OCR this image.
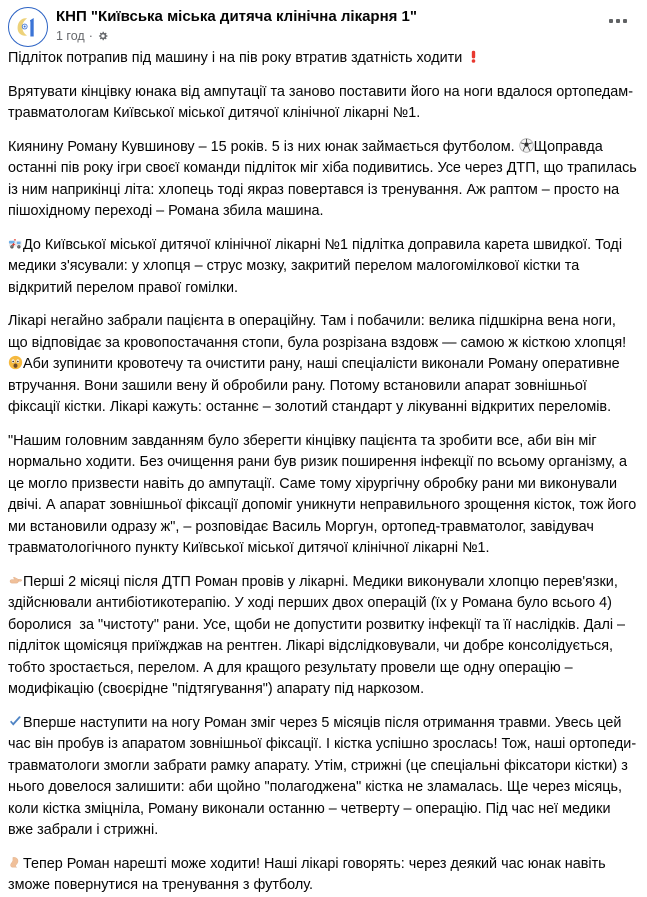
КНП "Київська міська дитяча клінічна лікарня 1"
1 год ·

Підліток потрапив під машину і на пів року втратив здатність ходити

Врятувати кінцівку юнака від ампутації та заново поставити його на ноги вдалося ортопедам-травматологам Київської міської дитячої клінічної лікарні №1.

Киянину Роману Кувшинову – 15 років. 5 із них юнак займається футболом.
Щоправда останні пів року ігри своєї команди підліток міг хіба подивитись. Усе через ДТП, що трапилась із ним наприкінці літа: хлопець тоді якраз повертався із тренування. Аж раптом – просто на пішохідному переході – Романа збила машина.

До Київської міської дитячої клінічної лікарні №1 підлітка доправила карета швидкої. Тоді медики з'ясували: у хлопця – струс мозку, закритий перелом малогомілкової кістки та відкритий перелом правої гомілки.

Лікарі негайно забрали пацієнта в операційну. Там і побачили: велика підшкірна вена ноги, що відповідає за кровопостачання стопи, була розрізана вздовж — самою ж кісткою хлопця!
Аби зупинити кровотечу та очистити рану, наші спеціалісти виконали Роману оперативне втручання. Вони зашили вену й обробили рану. Потому встановили апарат зовнішньої фіксації кістки. Лікарі кажуть: останнє – золотий стандарт у лікуванні відкритих переломів.

"Нашим головним завданням було зберегти кінцівку пацієнта та зробити все, аби він міг нормально ходити. Без очищення рани був ризик поширення інфекції по всьому організму, а це могло призвести навіть до ампутації. Саме тому хірургічну обробку рани ми виконували двічі. А апарат зовнішньої фіксації допоміг уникнути неправильного зрощення кісток, тож його ми встановили одразу ж", – розповідає Василь Моргун, ортопед-травматолог, завідувач травматологічного пункту Київської міської дитячої клінічної лікарні №1.

Перші 2 місяці після ДТП Роман провів у лікарні. Медики виконували хлопцю перев'язки, здійснювали антибіотикотерапію. У ході перших двох операцій (їх у Романа було всього 4) боролися  за "чистоту" рани. Усе, щоби не допустити розвитку інфекції та її наслідків. Далі – підліток щомісяця приїжджав на рентген. Лікарі відслідковували, чи добре консолідується, тобто зростається, перелом. А для кращого результату провели ще одну операцію – модифікацію (своєрідне "підтягування") апарату під наркозом.

Вперше наступити на ногу Роман зміг через 5 місяців після отримання травми. Увесь цей час він пробув із апаратом зовнішньої фіксації. І кістка успішно зрослась! Тож, наші ортопеди-травматологи змогли забрати рамку апарату. Утім, стрижні (це спеціальні фіксатори кістки) з нього довелося залишити: аби щойно "полагоджена" кістка не зламалась. Ще через місяць, коли кістка зміцніла, Роману виконали останню – четверту – операцію. Під час неї медики вже забрали і стрижні.

Тепер Роман нарешті може ходити! Наші лікарі говорять: через деякий час юнак навіть зможе повернутися на тренування з футболу.
